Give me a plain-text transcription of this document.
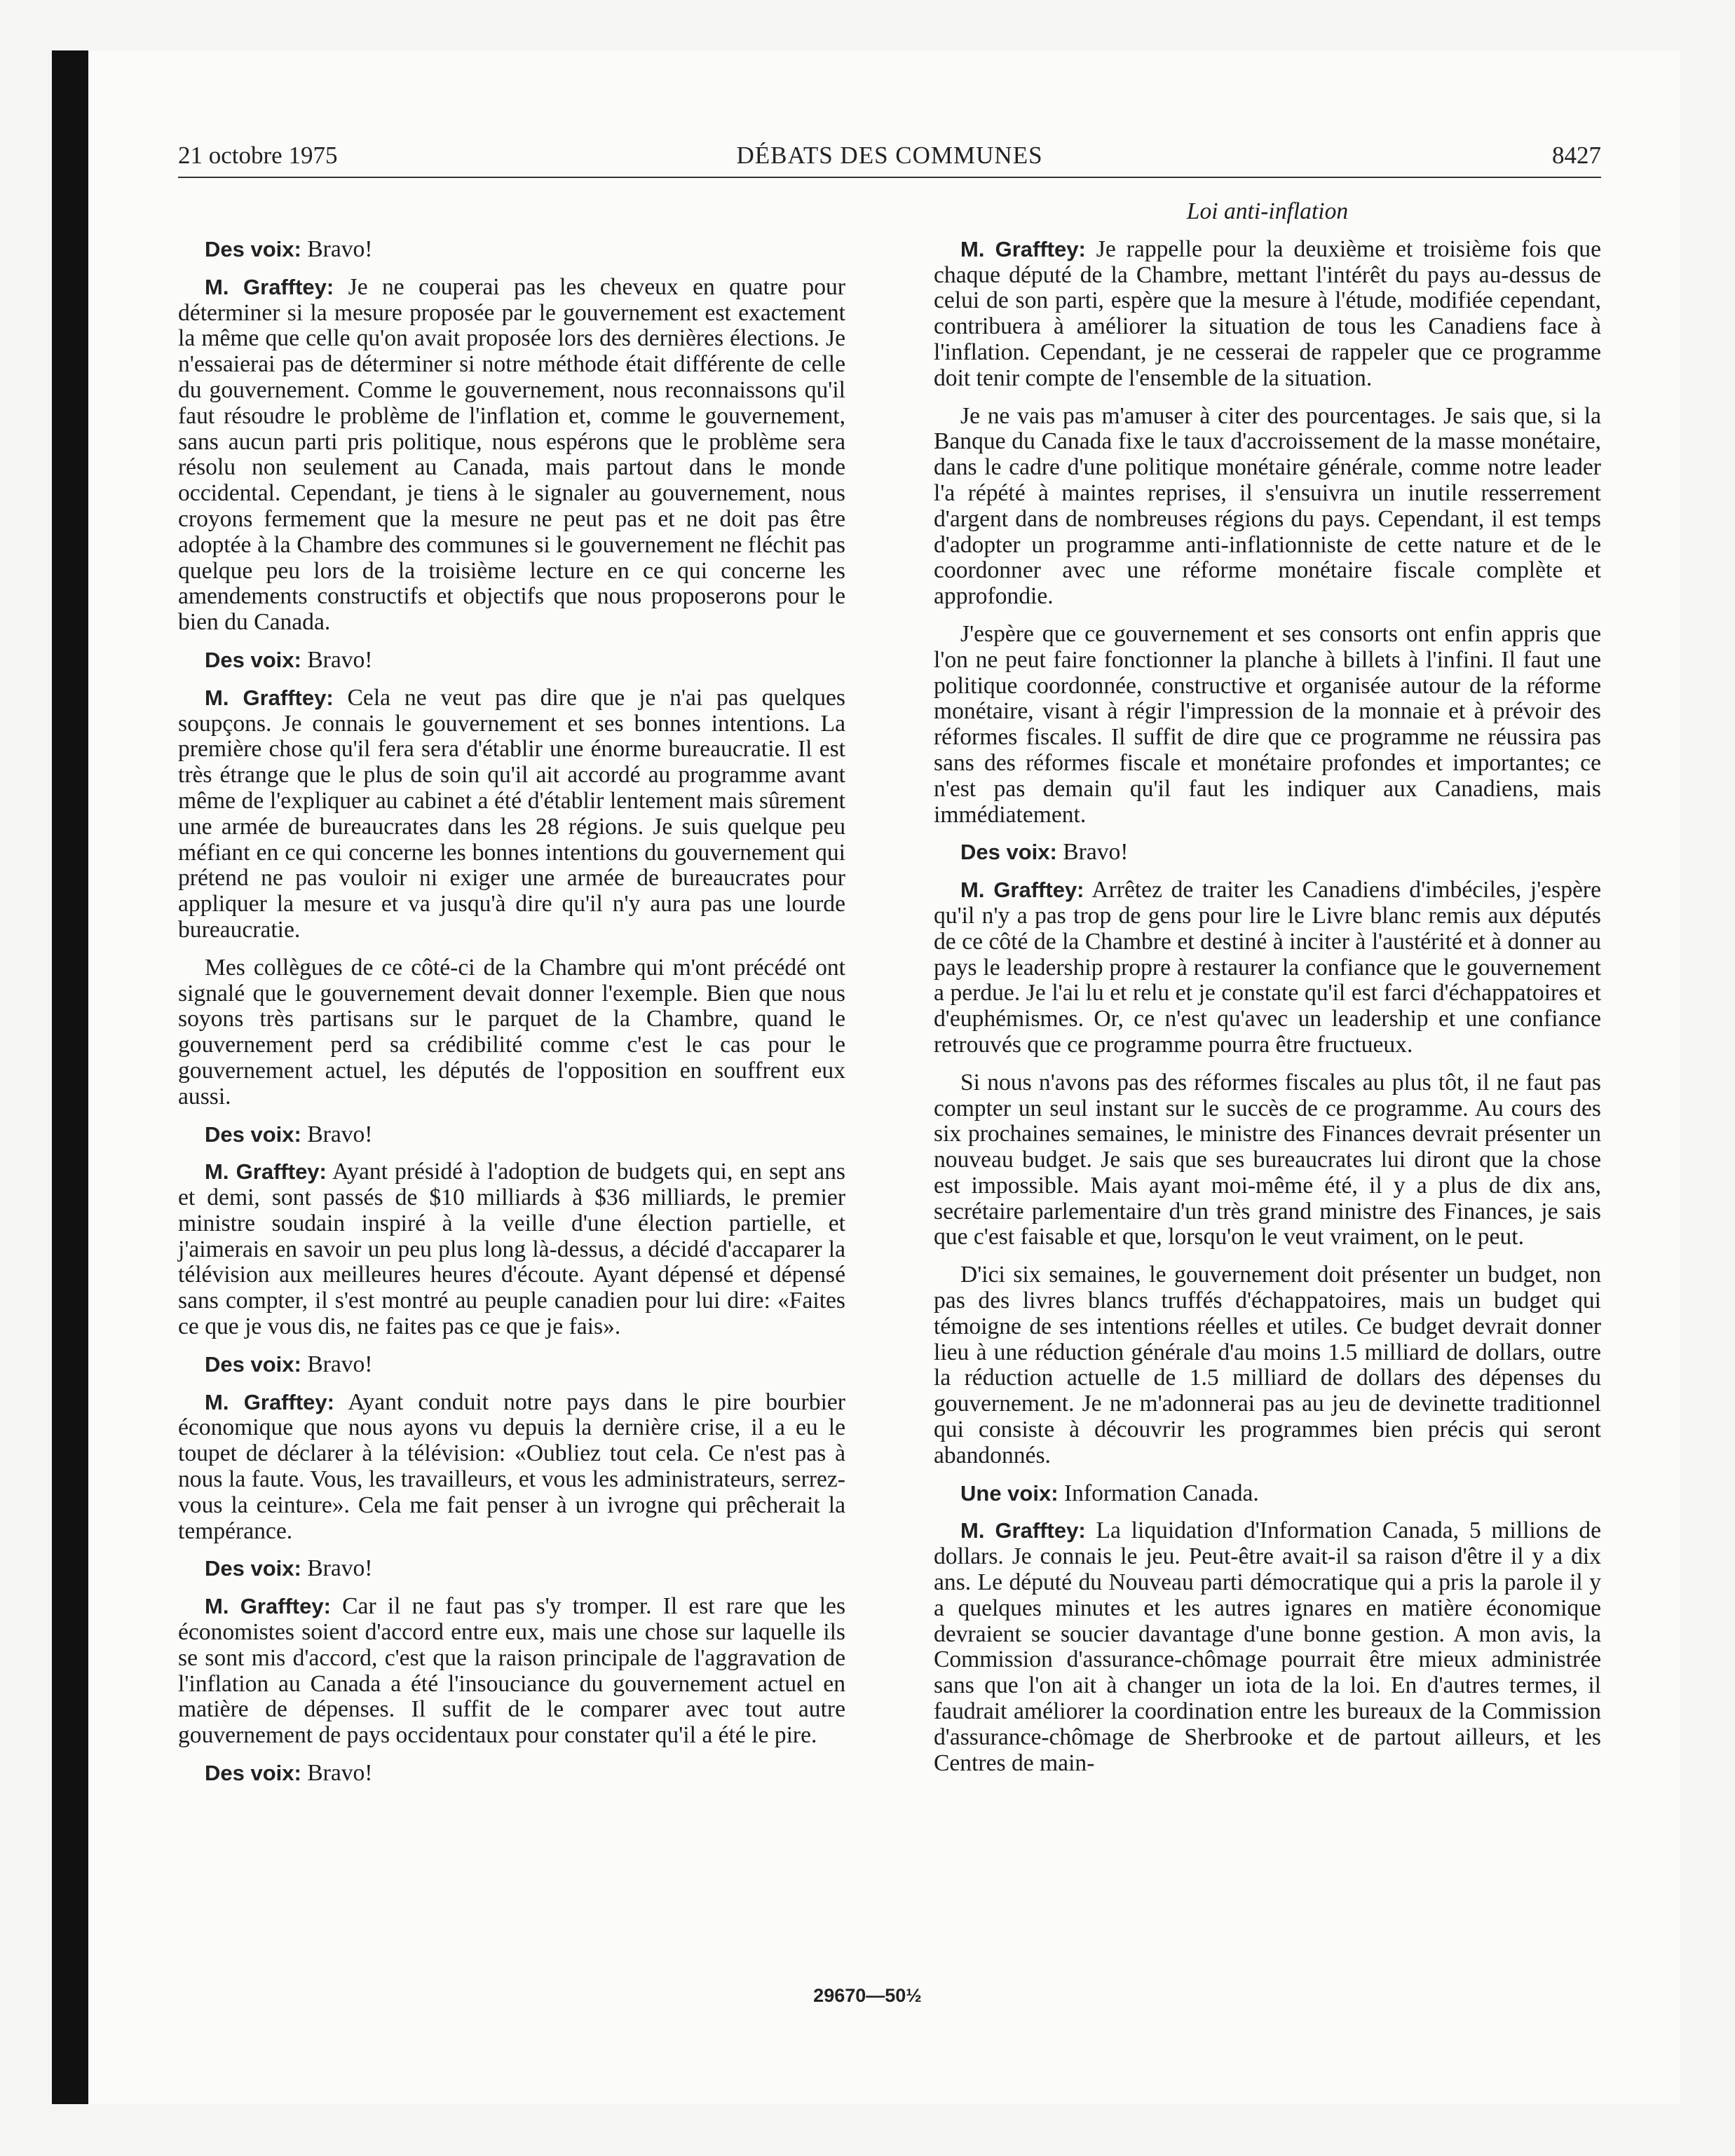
21 octobre 1975	DÉBATS DES COMMUNES	8427

Des voix: Bravo!

M. Grafftey: Je ne couperai pas les cheveux en quatre pour déterminer si la mesure proposée par le gouvernement est exactement la même que celle qu'on avait proposée lors des dernières élections. Je n'essaierai pas de déterminer si notre méthode était différente de celle du gouvernement. Comme le gouvernement, nous reconnaissons qu'il faut résoudre le problème de l'inflation et, comme le gouvernement, sans aucun parti pris politique, nous espérons que le problème sera résolu non seulement au Canada, mais partout dans le monde occidental. Cependant, je tiens à le signaler au gouvernement, nous croyons fermement que la mesure ne peut pas et ne doit pas être adoptée à la Chambre des communes si le gouvernement ne fléchit pas quelque peu lors de la troisième lecture en ce qui concerne les amendements constructifs et objectifs que nous proposerons pour le bien du Canada.

Des voix: Bravo!

M. Grafftey: Cela ne veut pas dire que je n'ai pas quelques soupçons. Je connais le gouvernement et ses bonnes intentions. La première chose qu'il fera sera d'établir une énorme bureaucratie. Il est très étrange que le plus de soin qu'il ait accordé au programme avant même de l'expliquer au cabinet a été d'établir lentement mais sûrement une armée de bureaucrates dans les 28 régions. Je suis quelque peu méfiant en ce qui concerne les bonnes intentions du gouvernement qui prétend ne pas vouloir ni exiger une armée de bureaucrates pour appliquer la mesure et va jusqu'à dire qu'il n'y aura pas une lourde bureaucratie.

Mes collègues de ce côté-ci de la Chambre qui m'ont précédé ont signalé que le gouvernement devait donner l'exemple. Bien que nous soyons très partisans sur le parquet de la Chambre, quand le gouvernement perd sa crédibilité comme c'est le cas pour le gouvernement actuel, les députés de l'opposition en souffrent eux aussi.

Des voix: Bravo!

M. Grafftey: Ayant présidé à l'adoption de budgets qui, en sept ans et demi, sont passés de $10 milliards à $36 milliards, le premier ministre soudain inspiré à la veille d'une élection partielle, et j'aimerais en savoir un peu plus long là-dessus, a décidé d'accaparer la télévision aux meilleures heures d'écoute. Ayant dépensé et dépensé sans compter, il s'est montré au peuple canadien pour lui dire: «Faites ce que je vous dis, ne faites pas ce que je fais».

Des voix: Bravo!

M. Grafftey: Ayant conduit notre pays dans le pire bourbier économique que nous ayons vu depuis la dernière crise, il a eu le toupet de déclarer à la télévision: «Oubliez tout cela. Ce n'est pas à nous la faute. Vous, les travailleurs, et vous les administrateurs, serrez-vous la ceinture». Cela me fait penser à un ivrogne qui prêcherait la tempérance.

Des voix: Bravo!

M. Grafftey: Car il ne faut pas s'y tromper. Il est rare que les économistes soient d'accord entre eux, mais une chose sur laquelle ils se sont mis d'accord, c'est que la raison principale de l'aggravation de l'inflation au Canada a été l'insouciance du gouvernement actuel en matière de dépenses. Il suffit de le comparer avec tout autre gouvernement de pays occidentaux pour constater qu'il a été le pire.

Des voix: Bravo!

Loi anti-inflation

M. Grafftey: Je rappelle pour la deuxième et troisième fois que chaque député de la Chambre, mettant l'intérêt du pays au-dessus de celui de son parti, espère que la mesure à l'étude, modifiée cependant, contribuera à améliorer la situation de tous les Canadiens face à l'inflation. Cependant, je ne cesserai de rappeler que ce programme doit tenir compte de l'ensemble de la situation.

Je ne vais pas m'amuser à citer des pourcentages. Je sais que, si la Banque du Canada fixe le taux d'accroissement de la masse monétaire, dans le cadre d'une politique monétaire générale, comme notre leader l'a répété à maintes reprises, il s'ensuivra un inutile resserrement d'argent dans de nombreuses régions du pays. Cependant, il est temps d'adopter un programme anti-inflationniste de cette nature et de le coordonner avec une réforme monétaire fiscale complète et approfondie.

J'espère que ce gouvernement et ses consorts ont enfin appris que l'on ne peut faire fonctionner la planche à billets à l'infini. Il faut une politique coordonnée, constructive et organisée autour de la réforme monétaire, visant à régir l'impression de la monnaie et à prévoir des réformes fiscales. Il suffit de dire que ce programme ne réussira pas sans des réformes fiscale et monétaire profondes et importantes; ce n'est pas demain qu'il faut les indiquer aux Canadiens, mais immédiatement.

Des voix: Bravo!

M. Grafftey: Arrêtez de traiter les Canadiens d'imbéciles, j'espère qu'il n'y a pas trop de gens pour lire le Livre blanc remis aux députés de ce côté de la Chambre et destiné à inciter à l'austérité et à donner au pays le leadership propre à restaurer la confiance que le gouvernement a perdue. Je l'ai lu et relu et je constate qu'il est farci d'échappatoires et d'euphémismes. Or, ce n'est qu'avec un leadership et une confiance retrouvés que ce programme pourra être fructueux.

Si nous n'avons pas des réformes fiscales au plus tôt, il ne faut pas compter un seul instant sur le succès de ce programme. Au cours des six prochaines semaines, le ministre des Finances devrait présenter un nouveau budget. Je sais que ses bureaucrates lui diront que la chose est impossible. Mais ayant moi-même été, il y a plus de dix ans, secrétaire parlementaire d'un très grand ministre des Finances, je sais que c'est faisable et que, lorsqu'on le veut vraiment, on le peut.

D'ici six semaines, le gouvernement doit présenter un budget, non pas des livres blancs truffés d'échappatoires, mais un budget qui témoigne de ses intentions réelles et utiles. Ce budget devrait donner lieu à une réduction générale d'au moins 1.5 milliard de dollars, outre la réduction actuelle de 1.5 milliard de dollars des dépenses du gouvernement. Je ne m'adonnerai pas au jeu de devinette traditionnel qui consiste à découvrir les programmes bien précis qui seront abandonnés.

Une voix: Information Canada.

M. Grafftey: La liquidation d'Information Canada, 5 millions de dollars. Je connais le jeu. Peut-être avait-il sa raison d'être il y a dix ans. Le député du Nouveau parti démocratique qui a pris la parole il y a quelques minutes et les autres ignares en matière économique devraient se soucier davantage d'une bonne gestion. A mon avis, la Commission d'assurance-chômage pourrait être mieux administrée sans que l'on ait à changer un iota de la loi. En d'autres termes, il faudrait améliorer la coordination entre les bureaux de la Commission d'assurance-chômage de Sherbrooke et de partout ailleurs, et les Centres de main-

29670—50½
